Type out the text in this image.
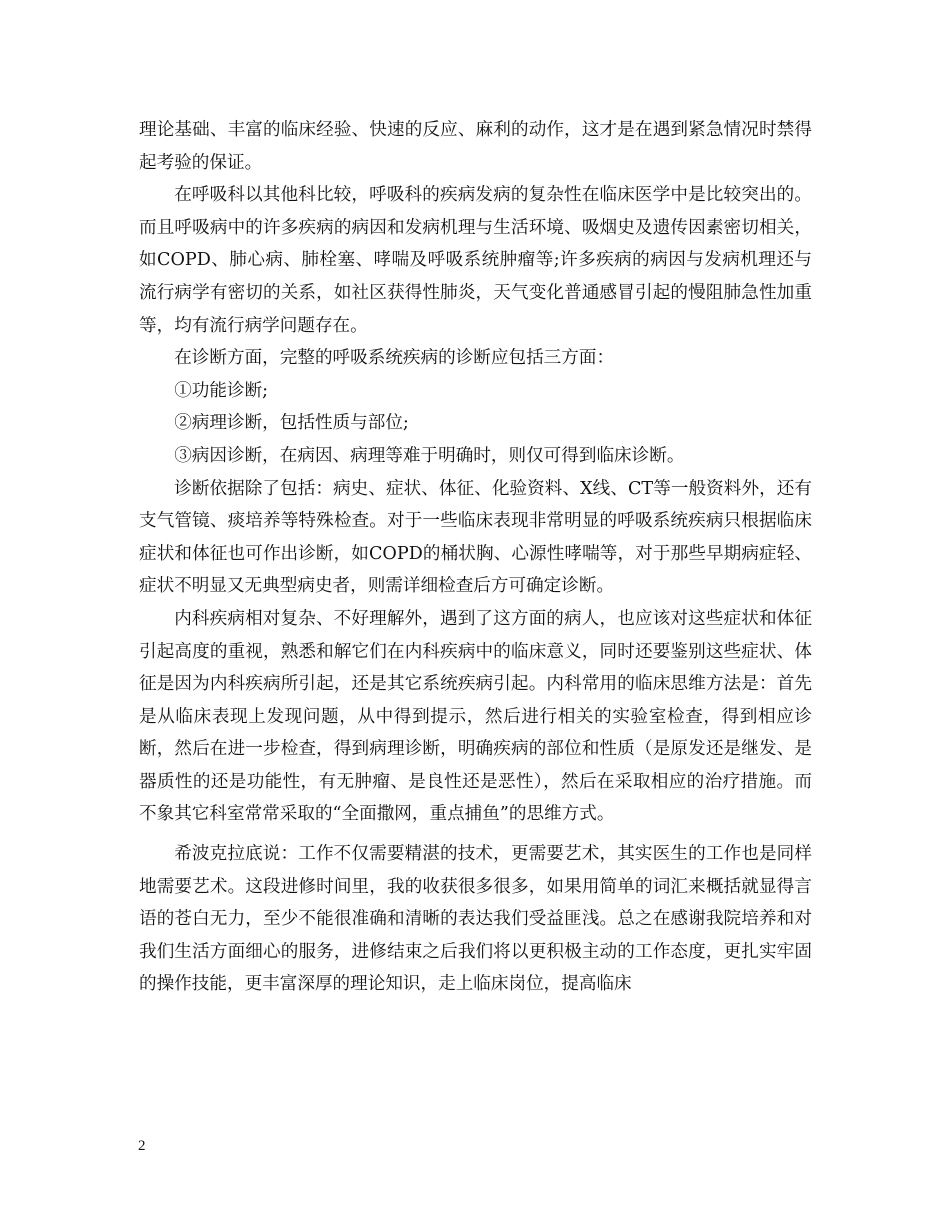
理论基础、丰富的临床经验、快速的反应、麻利的动作，这才是在遇到紧急情况时禁得起考验的保证。

在呼吸科以其他科比较，呼吸科的疾病发病的复杂性在临床医学中是比较突出的。而且呼吸病中的许多疾病的病因和发病机理与生活环境、吸烟史及遗传因素密切相关，如COPD、肺心病、肺栓塞、哮喘及呼吸系统肿瘤等;许多疾病的病因与发病机理还与流行病学有密切的关系，如社区获得性肺炎，天气变化普通感冒引起的慢阻肺急性加重等，均有流行病学问题存在。

在诊断方面，完整的呼吸系统疾病的诊断应包括三方面：

①功能诊断;

②病理诊断，包括性质与部位;

③病因诊断，在病因、病理等难于明确时，则仅可得到临床诊断。

诊断依据除了包括：病史、症状、体征、化验资料、X线、CT等一般资料外，还有支气管镜、痰培养等特殊检查。对于一些临床表现非常明显的呼吸系统疾病只根据临床症状和体征也可作出诊断，如COPD的桶状胸、心源性哮喘等，对于那些早期病症轻、症状不明显又无典型病史者，则需详细检查后方可确定诊断。

内科疾病相对复杂、不好理解外，遇到了这方面的病人，也应该对这些症状和体征引起高度的重视，熟悉和解它们在内科疾病中的临床意义，同时还要鉴别这些症状、体征是因为内科疾病所引起，还是其它系统疾病引起。内科常用的临床思维方法是：首先是从临床表现上发现问题，从中得到提示，然后进行相关的实验室检查，得到相应诊断，然后在进一步检查，得到病理诊断，明确疾病的部位和性质（是原发还是继发、是器质性的还是功能性，有无肿瘤、是良性还是恶性），然后在采取相应的治疗措施。而不象其它科室常常采取的“全面撒网，重点捕鱼”的思维方式。

希波克拉底说：工作不仅需要精湛的技术，更需要艺术，其实医生的工作也是同样地需要艺术。这段进修时间里，我的收获很多很多，如果用简单的词汇来概括就显得言语的苍白无力，至少不能很准确和清晰的表达我们受益匪浅。总之在感谢我院培养和对我们生活方面细心的服务，进修结束之后我们将以更积极主动的工作态度，更扎实牢固的操作技能，更丰富深厚的理论知识，走上临床岗位，提高临床

2
